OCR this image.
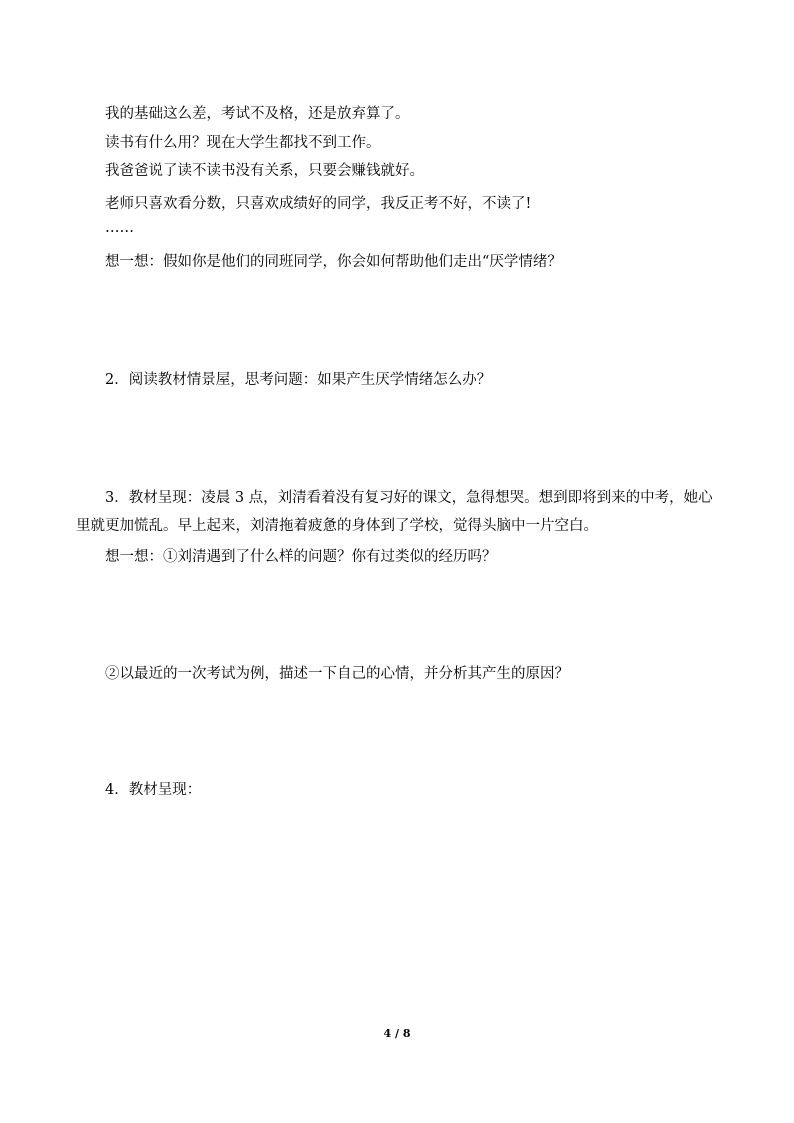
我的基础这么差，考试不及格，还是放弃算了。
读书有什么用？现在大学生都找不到工作。
我爸爸说了读不读书没有关系，只要会赚钱就好。
老师只喜欢看分数，只喜欢成绩好的同学，我反正考不好，不读了!
……
想一想：假如你是他们的同班同学，你会如何帮助他们走出“厌学情绪？
2．阅读教材情景屋，思考问题：如果产生厌学情绪怎么办？
3．教材呈现：凌晨 3 点，刘清看着没有复习好的课文，急得想哭。想到即将到来的中考，她心里就更加慌乱。早上起来，刘清拖着疲惫的身体到了学校，觉得头脑中一片空白。
想一想：①刘清遇到了什么样的问题？你有过类似的经历吗？
②以最近的一次考试为例，描述一下自己的心情，并分析其产生的原因？
4．教材呈现：
4 / 8
